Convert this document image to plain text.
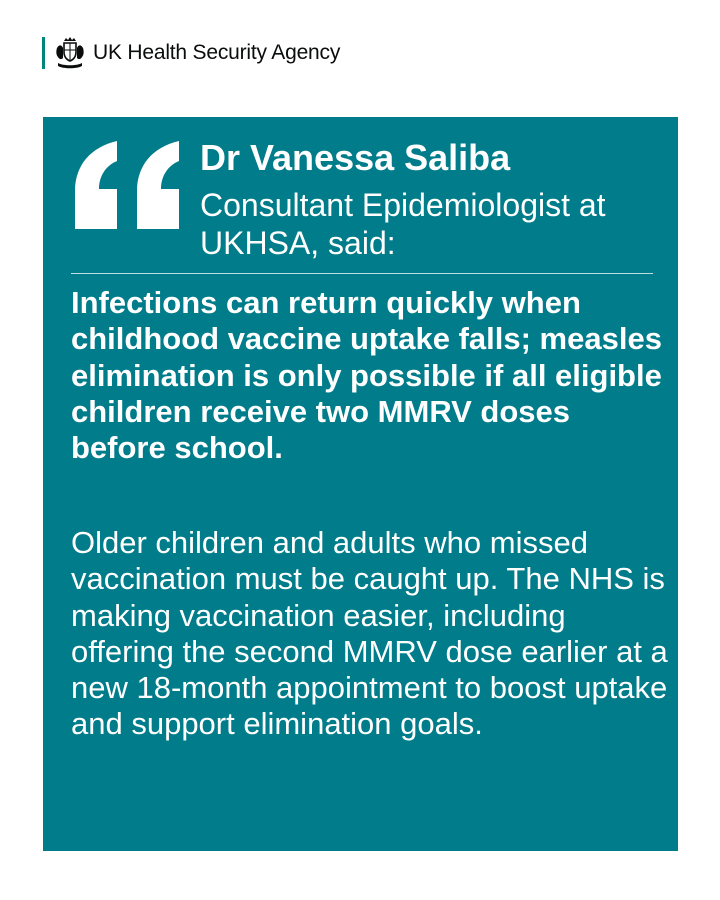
UK Health Security Agency
Dr Vanessa Saliba
Consultant Epidemiologist at UKHSA, said:
Infections can return quickly when childhood vaccine uptake falls; measles elimination is only possible if all eligible children receive two MMRV doses before school.
Older children and adults who missed vaccination must be caught up. The NHS is making vaccination easier, including offering the second MMRV dose earlier at a new 18-month appointment to boost uptake and support elimination goals.
